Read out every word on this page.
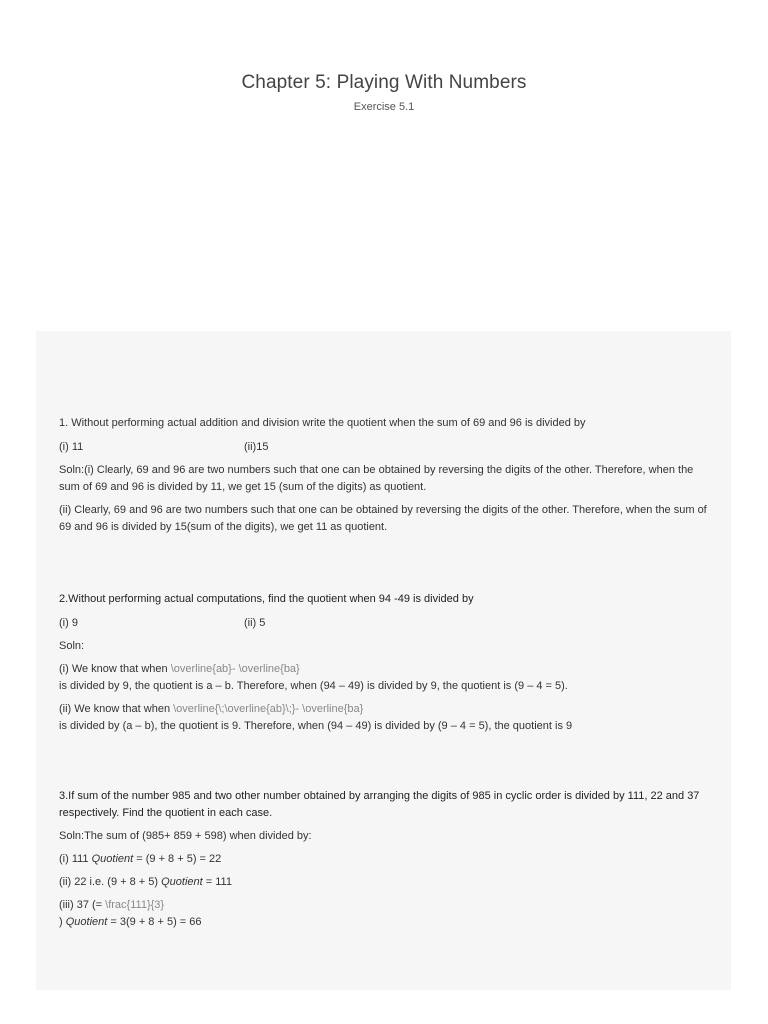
Chapter 5: Playing With Numbers
Exercise 5.1

1. Without performing actual addition and division write the quotient when the sum of 69 and 96 is divided by

(i) 11	(ii)15

Soln:(i) Clearly, 69 and 96 are two numbers such that one can be obtained by reversing the digits of the other. Therefore, when the sum of 69 and 96 is divided by 11, we get 15 (sum of the digits) as quotient.

(ii) Clearly, 69 and 96 are two numbers such that one can be obtained by reversing the digits of the other. Therefore, when the sum of 69 and 96 is divided by 15(sum of the digits), we get 11 as quotient.

2.Without performing actual computations, find the quotient when 94 -49 is divided by

(i) 9	(ii) 5

Soln:

(i) We know that when \overline{ab}- \overline{ba}
is divided by 9, the quotient is a – b. Therefore, when (94 – 49) is divided by 9, the quotient is (9 – 4 = 5).

(ii) We know that when \overline{\;\overline{ab}\;}- \overline{ba}
is divided by (a – b), the quotient is 9. Therefore, when (94 – 49) is divided by (9 – 4 = 5), the quotient is 9

3.If sum of the number 985 and two other number obtained by arranging the digits of 985 in cyclic order is divided by 111, 22 and 37 respectively. Find the quotient in each case.

Soln:The sum of (985+ 859 + 598) when divided by:

(i) 111 Quotient = (9 + 8 + 5) = 22

(ii) 22 i.e. (9 + 8 + 5) Quotient = 111

(iii) 37 (= \frac{111}{3}
) Quotient = 3(9 + 8 + 5) = 66
